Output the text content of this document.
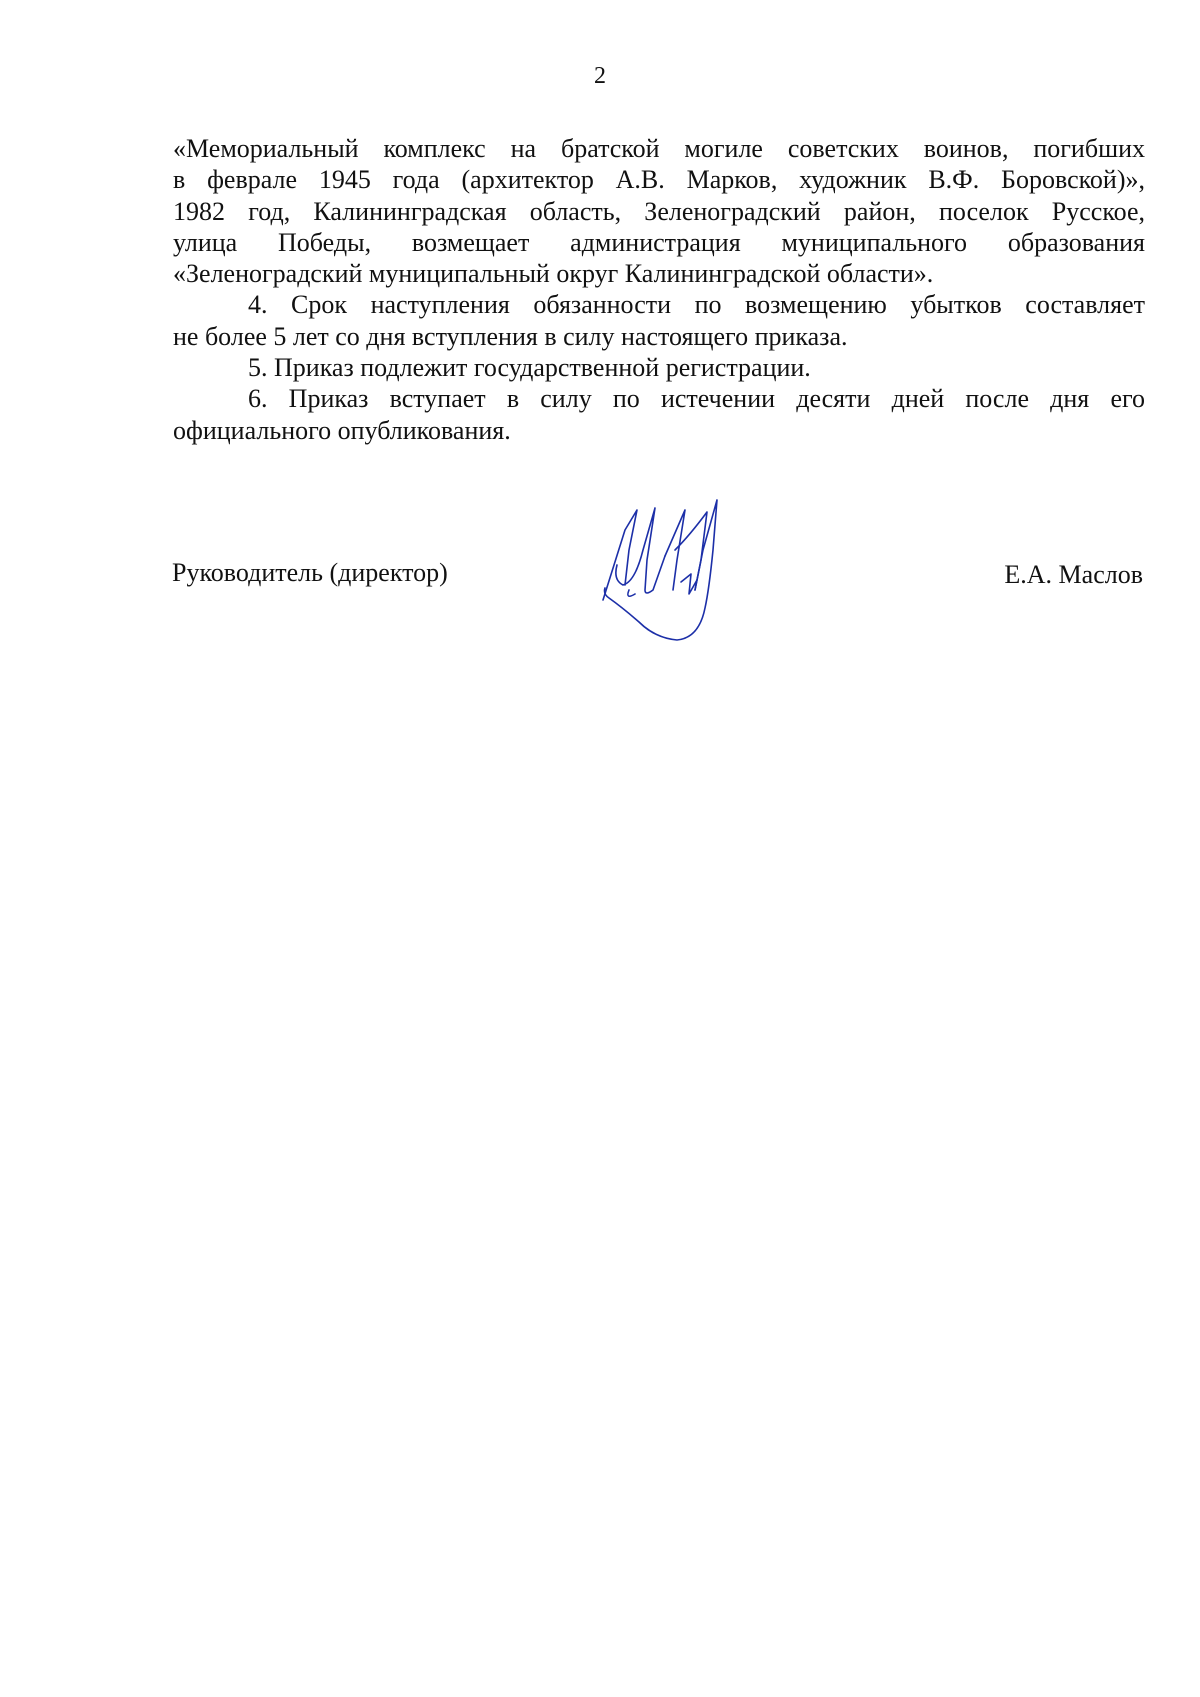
2
«Мемориальный комплекс на братской могиле советских воинов, погибших
в феврале 1945 года (архитектор А.В. Марков, художник В.Ф. Боровской)»,
1982 год, Калининградская область, Зеленоградский район, поселок Русское,
улица Победы, возмещает администрация муниципального образования
«Зеленоградский муниципальный округ Калининградской области».
4. Срок наступления обязанности по возмещению убытков составляет
не более 5 лет со дня вступления в силу настоящего приказа.
5. Приказ подлежит государственной регистрации.
6. Приказ вступает в силу по истечении десяти дней после дня его
официального опубликования.
Руководитель (директор)	Е.А. Маслов
